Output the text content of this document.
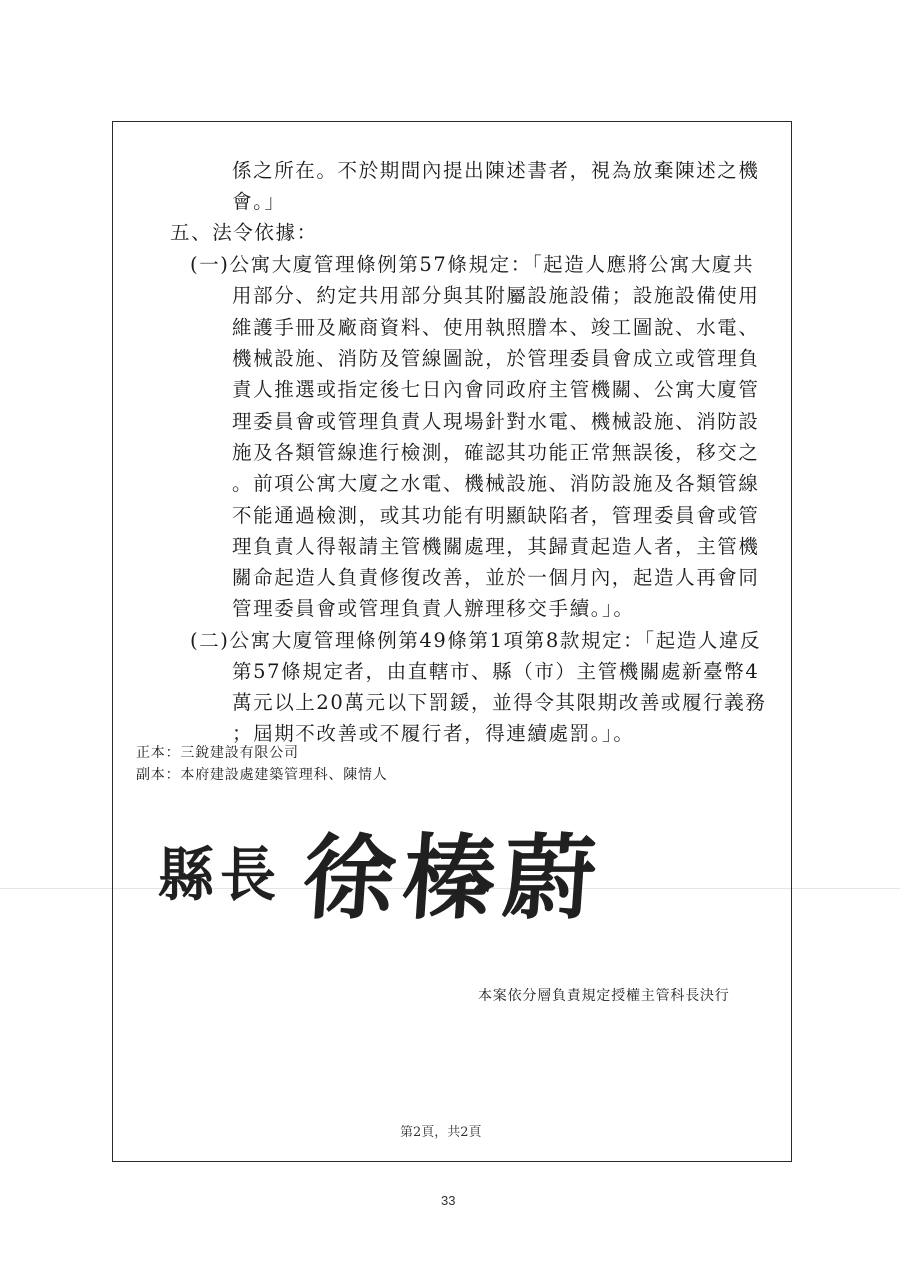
係之所在。不於期間內提出陳述書者，視為放棄陳述之機
會。」
五、法令依據：
(一)公寓大廈管理條例第57條規定：「起造人應將公寓大廈共
用部分、約定共用部分與其附屬設施設備；設施設備使用
維護手冊及廠商資料、使用執照謄本、竣工圖說、水電、
機械設施、消防及管線圖說，於管理委員會成立或管理負
責人推選或指定後七日內會同政府主管機關、公寓大廈管
理委員會或管理負責人現場針對水電、機械設施、消防設
施及各類管線進行檢測，確認其功能正常無誤後，移交之
。前項公寓大廈之水電、機械設施、消防設施及各類管線
不能通過檢測，或其功能有明顯缺陷者，管理委員會或管
理負責人得報請主管機關處理，其歸責起造人者，主管機
關命起造人負責修復改善，並於一個月內，起造人再會同
管理委員會或管理負責人辦理移交手續。」。
(二)公寓大廈管理條例第49條第1項第8款規定：「起造人違反
第57條規定者，由直轄市、縣（市）主管機關處新臺幣4
萬元以上20萬元以下罰鍰，並得令其限期改善或履行義務
；屆期不改善或不履行者，得連續處罰。」。
正本：三銳建設有限公司
副本：本府建設處建築管理科、陳情人
縣長 徐榛蔚
本案依分層負責規定授權主管科長決行
第2頁，共2頁
33
